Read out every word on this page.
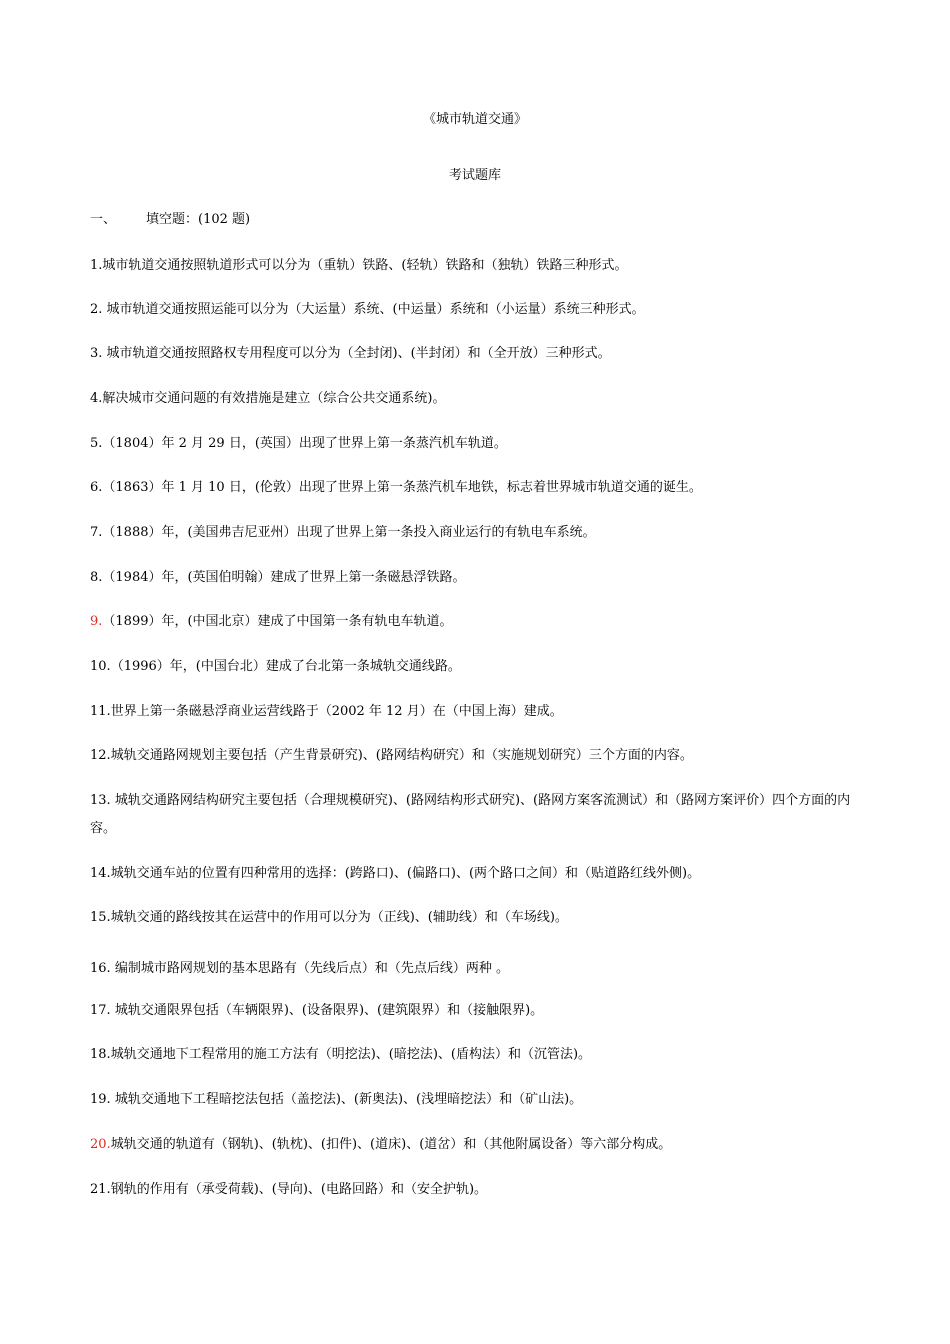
《城市轨道交通》
考试题库
一、 填空题：(102 题)
1.城市轨道交通按照轨道形式可以分为（重轨）铁路、(轻轨）铁路和（独轨）铁路三种形式。
2. 城市轨道交通按照运能可以分为（大运量）系统、(中运量）系统和（小运量）系统三种形式。
3. 城市轨道交通按照路权专用程度可以分为（全封闭)、(半封闭）和（全开放）三种形式。
4.解决城市交通问题的有效措施是建立（综合公共交通系统)。
5.（1804）年 2 月 29 日，(英国）出现了世界上第一条蒸汽机车轨道。
6.（1863）年 1 月 10 日，(伦敦）出现了世界上第一条蒸汽机车地铁，标志着世界城市轨道交通的诞生。
7.（1888）年，(美国弗吉尼亚州）出现了世界上第一条投入商业运行的有轨电车系统。
8.（1984）年，(英国伯明翰）建成了世界上第一条磁悬浮铁路。
9.（1899）年，(中国北京）建成了中国第一条有轨电车轨道。
10.（1996）年，(中国台北）建成了台北第一条城轨交通线路。
11.世界上第一条磁悬浮商业运营线路于（2002 年 12 月）在（中国上海）建成。
12.城轨交通路网规划主要包括（产生背景研究)、(路网结构研究）和（实施规划研究）三个方面的内容。
13. 城轨交通路网结构研究主要包括（合理规模研究)、(路网结构形式研究)、(路网方案客流测试）和（路网方案评价）四个方面的内容。
14.城轨交通车站的位置有四种常用的选择：(跨路口)、(偏路口)、(两个路口之间）和（贴道路红线外侧)。
15.城轨交通的路线按其在运营中的作用可以分为（正线)、(辅助线）和（车场线)。
16. 编制城市路网规划的基本思路有（先线后点）和（先点后线）两种 。
17. 城轨交通限界包括（车辆限界)、(设备限界)、(建筑限界）和（接触限界)。
18.城轨交通地下工程常用的施工方法有（明挖法)、(暗挖法)、(盾构法）和（沉管法)。
19. 城轨交通地下工程暗挖法包括（盖挖法)、(新奥法)、(浅埋暗挖法）和（矿山法)。
20.城轨交通的轨道有（钢轨)、(轨枕)、(扣件)、(道床)、(道岔）和（其他附属设备）等六部分构成。
21.钢轨的作用有（承受荷载)、(导向)、(电路回路）和（安全护轨)。
